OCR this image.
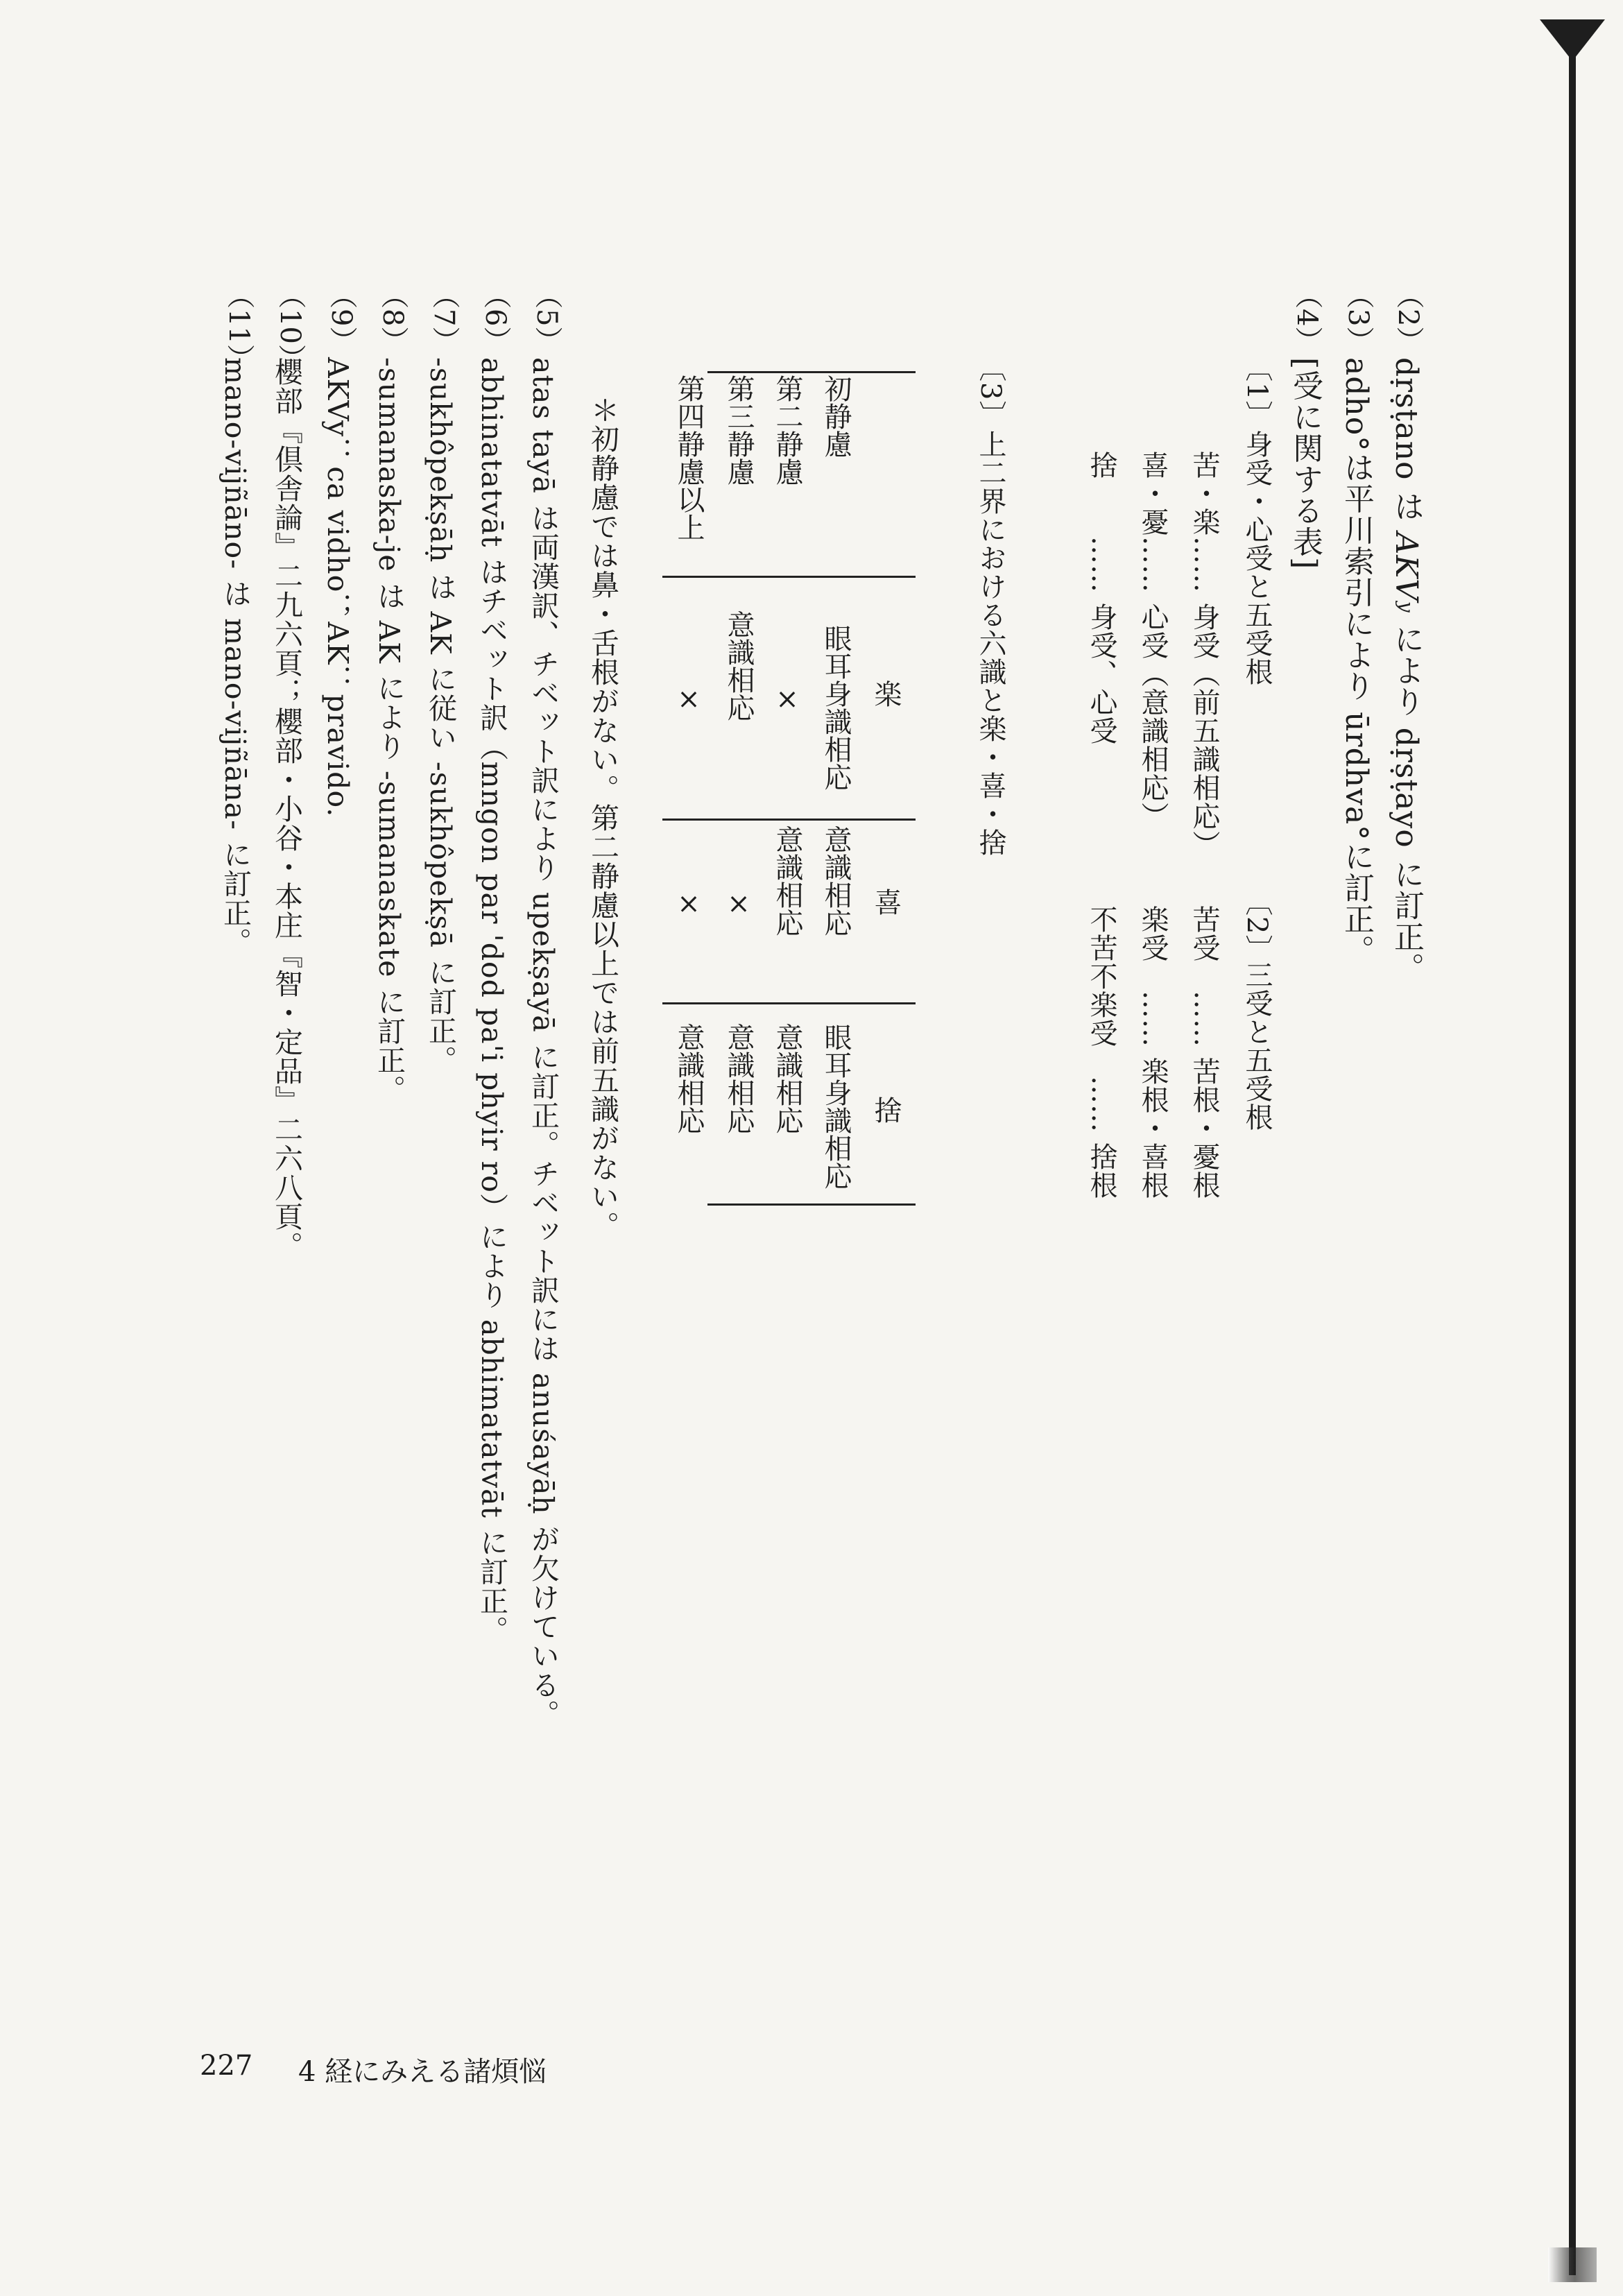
（2）
dṛṣṭano は AKVy により dṛṣṭayo に訂正。
（3）
adho°は平川索引により ūrdhva°に訂正。
（4）
[受に関する表]
〔1〕
身受・心受と五受根
苦・楽…… 身受（前五識相応）
喜・憂…… 心受（意識相応）
捨　　…… 身受、心受
〔2〕
三受と五受根
苦受　…… 苦根・憂根
楽受　…… 楽根・喜根
不苦不楽受　…… 捨根
〔3〕
上二界における六識と楽・喜・捨
楽
喜
捨
初静慮
眼耳身識相応
意識相応
眼耳身識相応
第二静慮
×
意識相応
意識相応
第三静慮
意識相応
×
意識相応
第四静慮以上
×
×
意識相応
＊初静慮では鼻・舌根がない。第二静慮以上では前五識がない。
（5）
atas tayā は両漢訳、チベット訳により upekṣayā に訂正。チベット訳には anuśayāḥ が欠けている。
（6）
abhinatatvāt はチベット訳（mngon par 'dod pa'i phyir ro）により abhimatatvāt に訂正。
（7）
-sukhôpekṣāḥ は AK に従い -sukhôpekṣā に訂正。
（8）
-sumanaska-je は AK により -sumanaskate に訂正。
（9）
AKVy：ca vidho；AK：pravido.
（10）
櫻部『倶舎論』二九六頁；櫻部・小谷・本庄『智・定品』二六八頁。
（11）
mano-vijñāno- は mano-vijñāna- に訂正。
227 4 経にみえる諸煩悩
